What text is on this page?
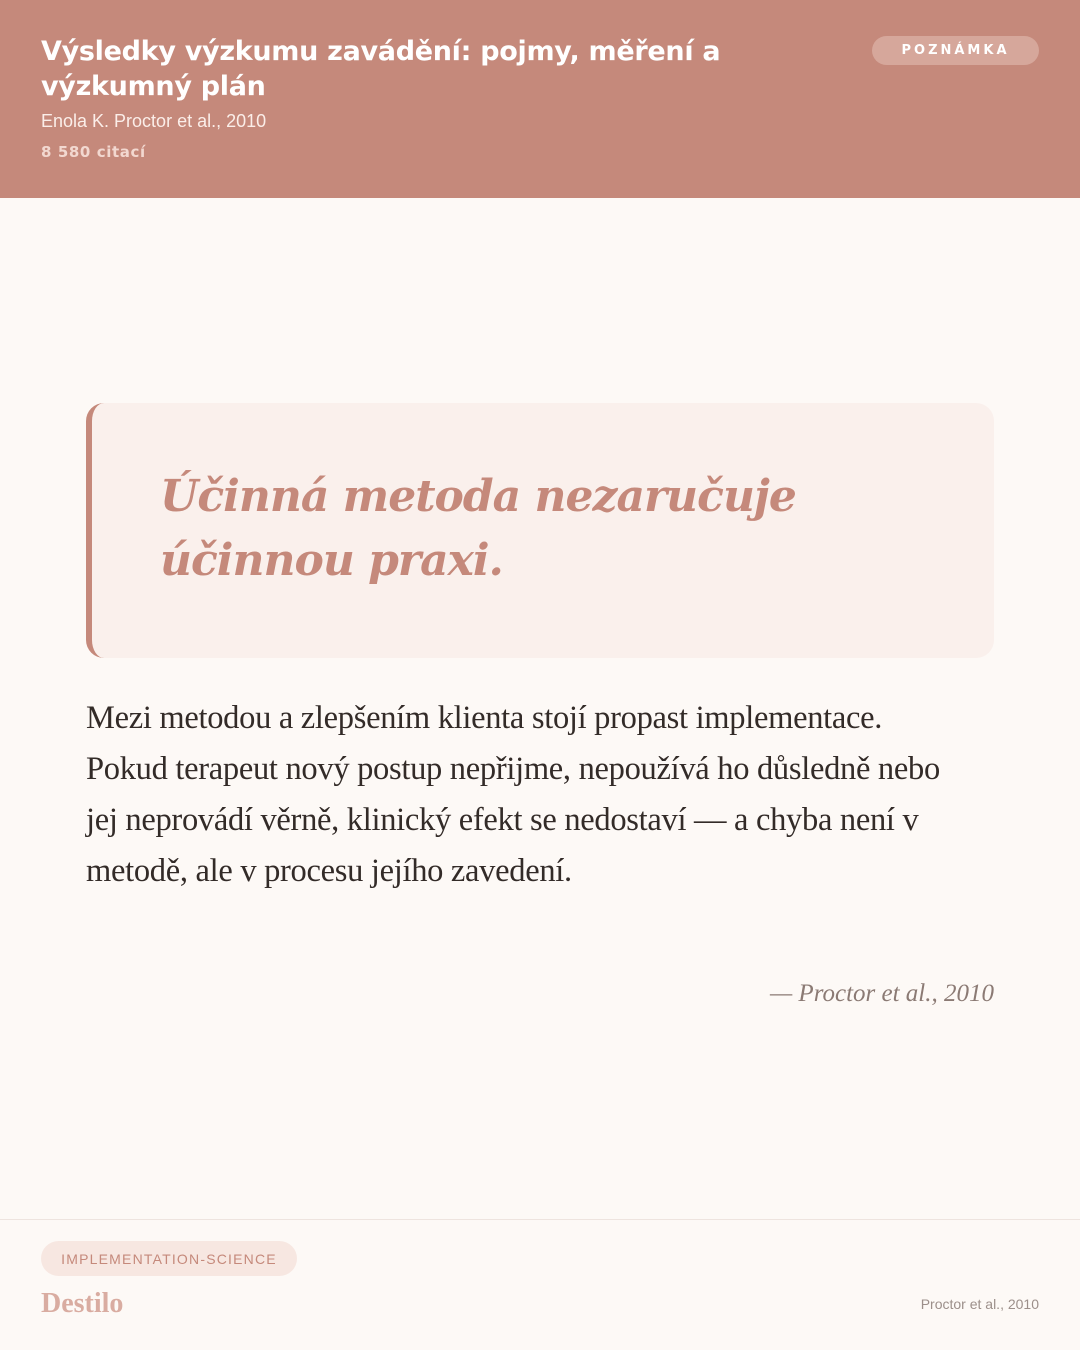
Výsledky výzkumu zavádění: pojmy, měření a výzkumný plán
Enola K. Proctor et al., 2010
8 580 citací
POZNÁMKA
Účinná metoda nezaručuje účinnou praxi.
Mezi metodou a zlepšením klienta stojí propast implementace. Pokud terapeut nový postup nepřijme, nepoužívá ho důsledně nebo jej neprovádí věrně, klinický efekt se nedostaví — a chyba není v metodě, ale v procesu jejího zavedení.
— Proctor et al., 2010
IMPLEMENTATION-SCIENCE
Destilo	Proctor et al., 2010
